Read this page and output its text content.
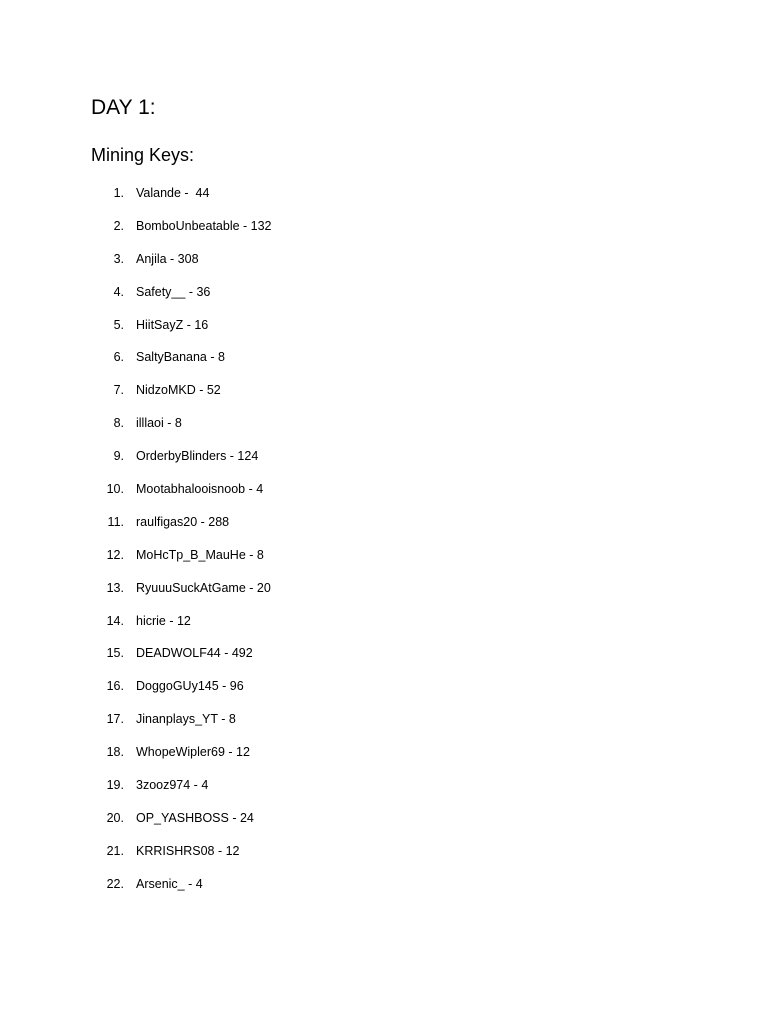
DAY 1:
Mining Keys:
1. Valande -  44
2. BomboUnbeatable - 132
3. Anjila - 308
4. Safety__ - 36
5. HiitSayZ - 16
6. SaltyBanana - 8
7. NidzoMKD - 52
8. illlaoi - 8
9. OrderbyBlinders - 124
10. Mootabhalooisnoob - 4
11. raulfigas20 - 288
12. MoHcTp_B_MauHe - 8
13. RyuuuSuckAtGame - 20
14. hicrie - 12
15. DEADWOLF44 - 492
16. DoggoGUy145 - 96
17. Jinanplays_YT - 8
18. WhopeWipler69 - 12
19. 3zooz974 - 4
20. OP_YASHBOSS - 24
21. KRRISHRS08 - 12
22. Arsenic_ - 4
